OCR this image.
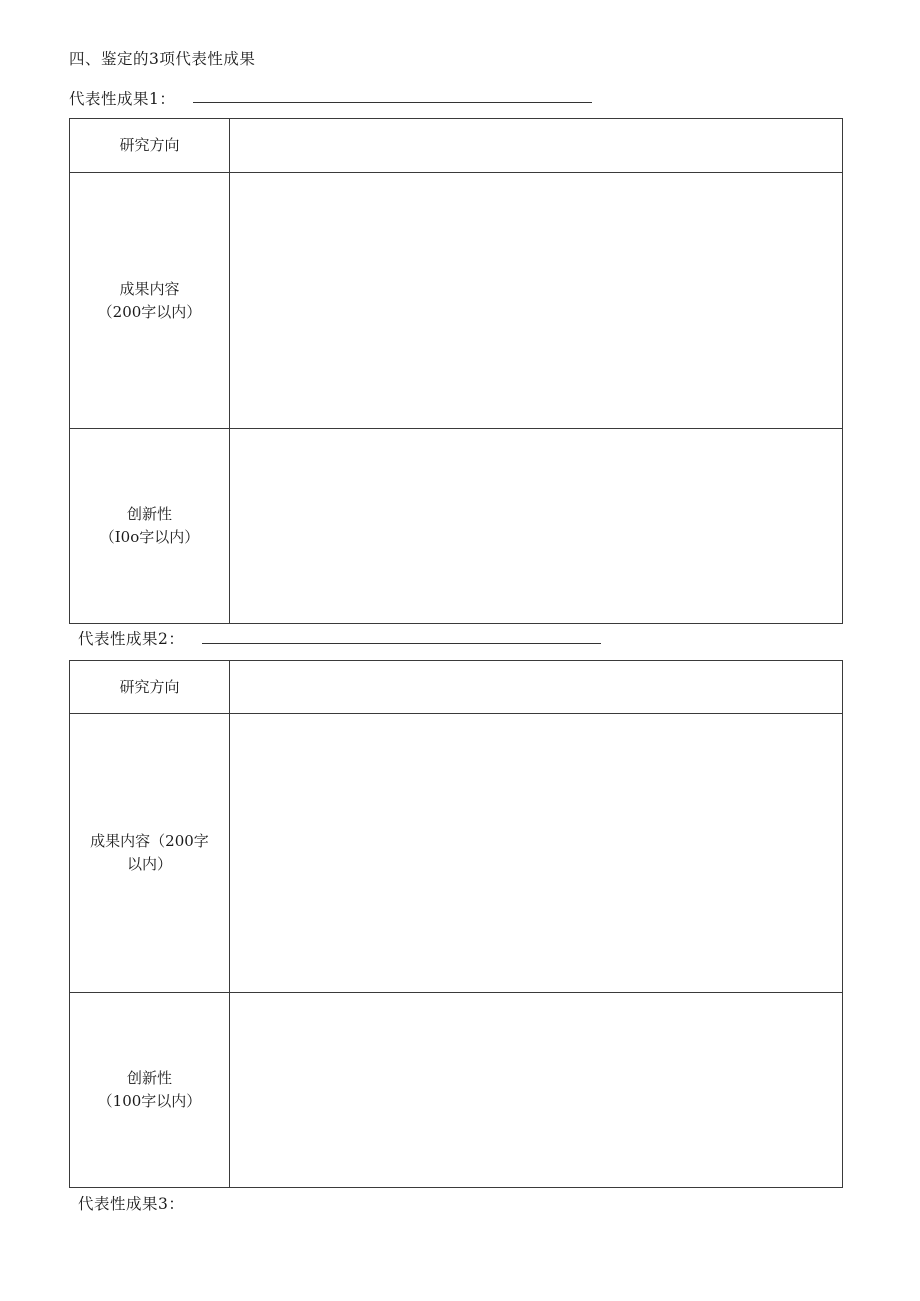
四、鉴定的3项代表性成果
代表性成果1：
研究方向	

成果内容
（200字以内）	

创新性
（I0o字以内）	

代表性成果2：
研究方向	

成果内容（200字
以内）	

创新性
（100字以内）	

代表性成果3：
